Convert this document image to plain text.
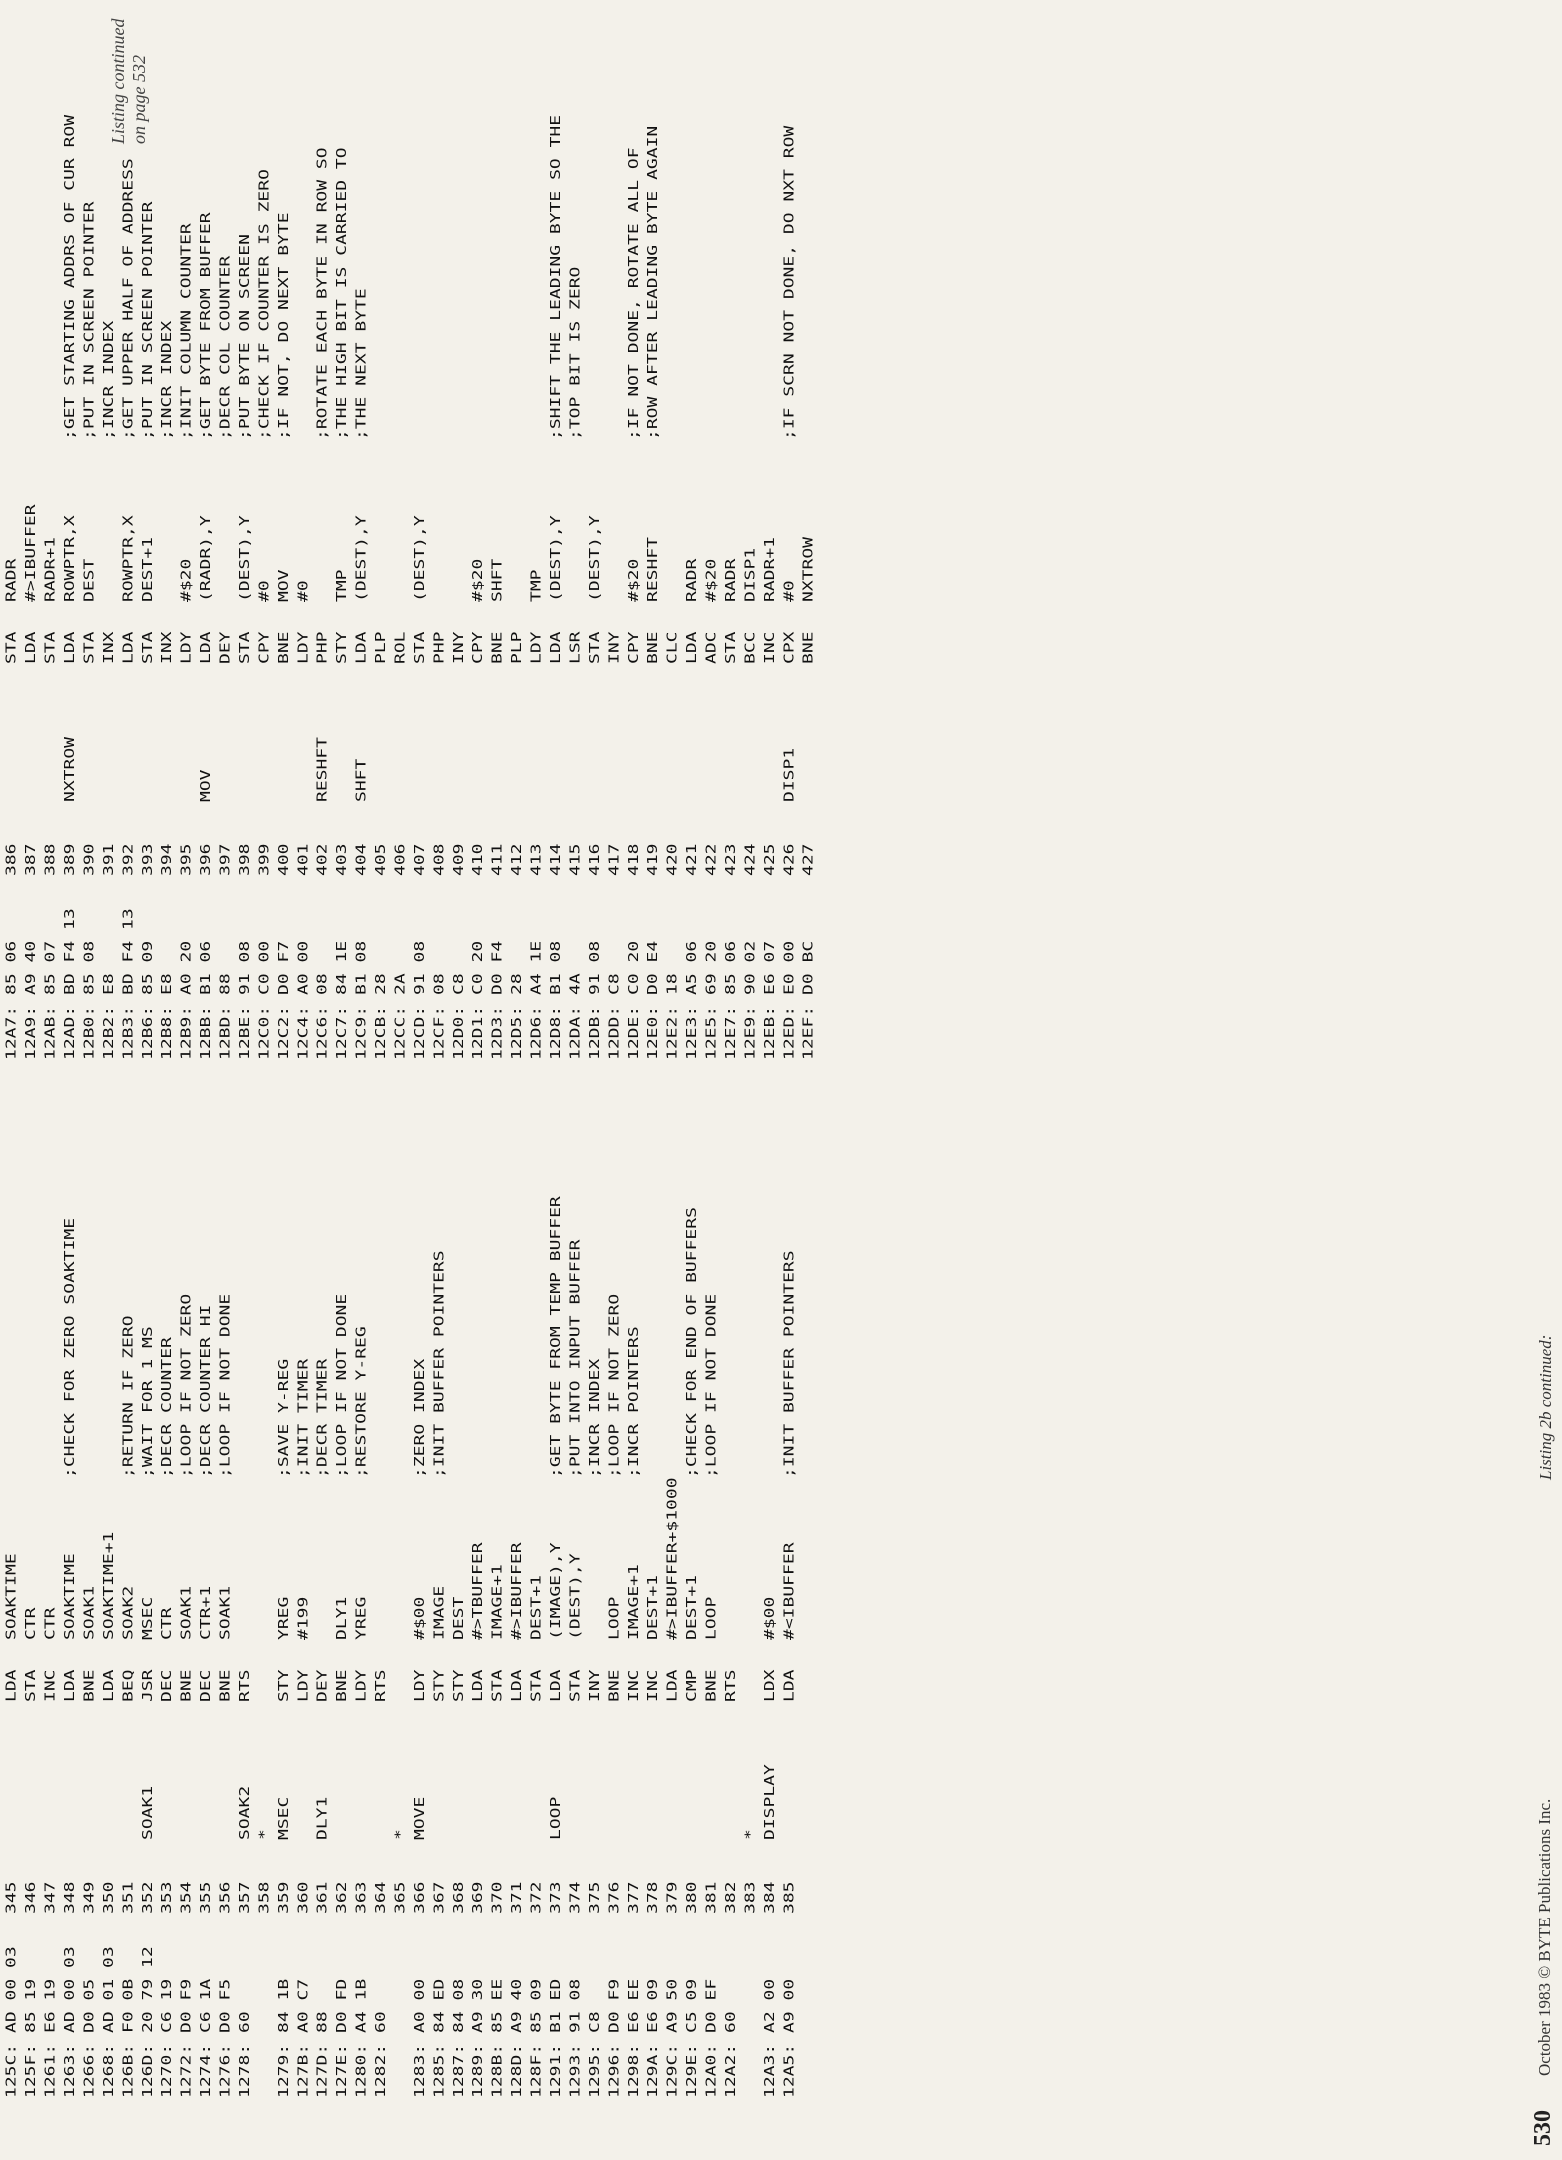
Listing 2b continued:
125C: AD 00 03
345
LDA
SOAKTIME
125F: 85 19
346
STA
CTR
1261: E6 19
347
INC
CTR
1263: AD 00 03
348
LDA
SOAKTIME
;CHECK FOR ZERO SOAKTIME
1266: D0 05
349
BNE
SOAK1
1268: AD 01 03
350
LDA
SOAKTIME+1
126B: F0 0B
351
BEQ
SOAK2
;RETURN IF ZERO
126D: 20 79 12
352
SOAK1
JSR
MSEC
;WAIT FOR 1 MS
1270: C6 19
353
DEC
CTR
;DECR COUNTER
1272: D0 F9
354
BNE
SOAK1
;LOOP IF NOT ZERO
1274: C6 1A
355
DEC
CTR+1
;DECR COUNTER HI
1276: D0 F5
356
BNE
SOAK1
;LOOP IF NOT DONE
1278: 60
357
SOAK2
RTS
358
*
1279: 84 1B
359
MSEC
STY
YREG
;SAVE Y-REG
127B: A0 C7
360
LDY
#199
;INIT TIMER
127D: 88
361
DLY1
DEY
;DECR TIMER
127E: D0 FD
362
BNE
DLY1
;LOOP IF NOT DONE
1280: A4 1B
363
LDY
YREG
;RESTORE Y-REG
1282: 60
364
RTS
365
*
1283: A0 00
366
MOVE
LDY
#$00
;ZERO INDEX
1285: 84 ED
367
STY
IMAGE
;INIT BUFFER POINTERS
1287: 84 08
368
STY
DEST
1289: A9 30
369
LDA
#>TBUFFER
128B: 85 EE
370
STA
IMAGE+1
128D: A9 40
371
LDA
#>IBUFFER
128F: 85 09
372
STA
DEST+1
1291: B1 ED
373
LOOP
LDA
(IMAGE),Y
;GET BYTE FROM TEMP BUFFER
1293: 91 08
374
STA
(DEST),Y
;PUT INTO INPUT BUFFER
1295: C8
375
INY
;INCR INDEX
1296: D0 F9
376
BNE
LOOP
;LOOP IF NOT ZERO
1298: E6 EE
377
INC
IMAGE+1
;INCR POINTERS
129A: E6 09
378
INC
DEST+1
129C: A9 50
379
LDA
#>IBUFFER+$1000
129E: C5 09
380
CMP
DEST+1
;CHECK FOR END OF BUFFERS
12A0: D0 EF
381
BNE
LOOP
;LOOP IF NOT DONE
12A2: 60
382
RTS
383
*
12A3: A2 00
384
DISPLAY
LDX
#$00
12A5: A9 00
385
LDA
#<IBUFFER
;INIT BUFFER POINTERS
12A7: 85 06
386
STA
RADR
12A9: A9 40
387
LDA
#>IBUFFER
12AB: 85 07
388
STA
RADR+1
12AD: BD F4 13
389
NXTROW
LDA
ROWPTR,X
;GET STARTING ADDRS OF CUR ROW
12B0: 85 08
390
STA
DEST
;PUT IN SCREEN POINTER
12B2: E8
391
INX
;INCR INDEX
12B3: BD F4 13
392
LDA
ROWPTR,X
;GET UPPER HALF OF ADDRESS
12B6: 85 09
393
STA
DEST+1
;PUT IN SCREEN POINTER
12B8: E8
394
INX
;INCR INDEX
12B9: A0 20
395
LDY
#$20
;INIT COLUMN COUNTER
12BB: B1 06
396
MOV
LDA
(RADR),Y
;GET BYTE FROM BUFFER
12BD: 88
397
DEY
;DECR COL COUNTER
12BE: 91 08
398
STA
(DEST),Y
;PUT BYTE ON SCREEN
12C0: C0 00
399
CPY
#0
;CHECK IF COUNTER IS ZERO
12C2: D0 F7
400
BNE
MOV
;IF NOT, DO NEXT BYTE
12C4: A0 00
401
LDY
#0
12C6: 08
402
RESHFT
PHP
;ROTATE EACH BYTE IN ROW SO
12C7: 84 1E
403
STY
TMP
;THE HIGH BIT IS CARRIED TO
12C9: B1 08
404
SHFT
LDA
(DEST),Y
;THE NEXT BYTE
12CB: 28
405
PLP
12CC: 2A
406
ROL
12CD: 91 08
407
STA
(DEST),Y
12CF: 08
408
PHP
12D0: C8
409
INY
12D1: C0 20
410
CPY
#$20
12D3: D0 F4
411
BNE
SHFT
12D5: 28
412
PLP
12D6: A4 1E
413
LDY
TMP
12D8: B1 08
414
LDA
(DEST),Y
;SHIFT THE LEADING BYTE SO THE
12DA: 4A
415
LSR
;TOP BIT IS ZERO
12DB: 91 08
416
STA
(DEST),Y
12DD: C8
417
INY
12DE: C0 20
418
CPY
#$20
;IF NOT DONE, ROTATE ALL OF
12E0: D0 E4
419
BNE
RESHFT
;ROW AFTER LEADING BYTE AGAIN
12E2: 18
420
CLC
12E3: A5 06
421
LDA
RADR
12E5: 69 20
422
ADC
#$20
12E7: 85 06
423
STA
RADR
12E9: 90 02
424
BCC
DISP1
12EB: E6 07
425
INC
RADR+1
12ED: E0 00
426
DISP1
CPX
#0
;IF SCRN NOT DONE, DO NXT ROW
12EF: D0 BC
427
BNE
NXTROW
Listing continued on page 532
530
October 1983 © BYTE Publications Inc.
